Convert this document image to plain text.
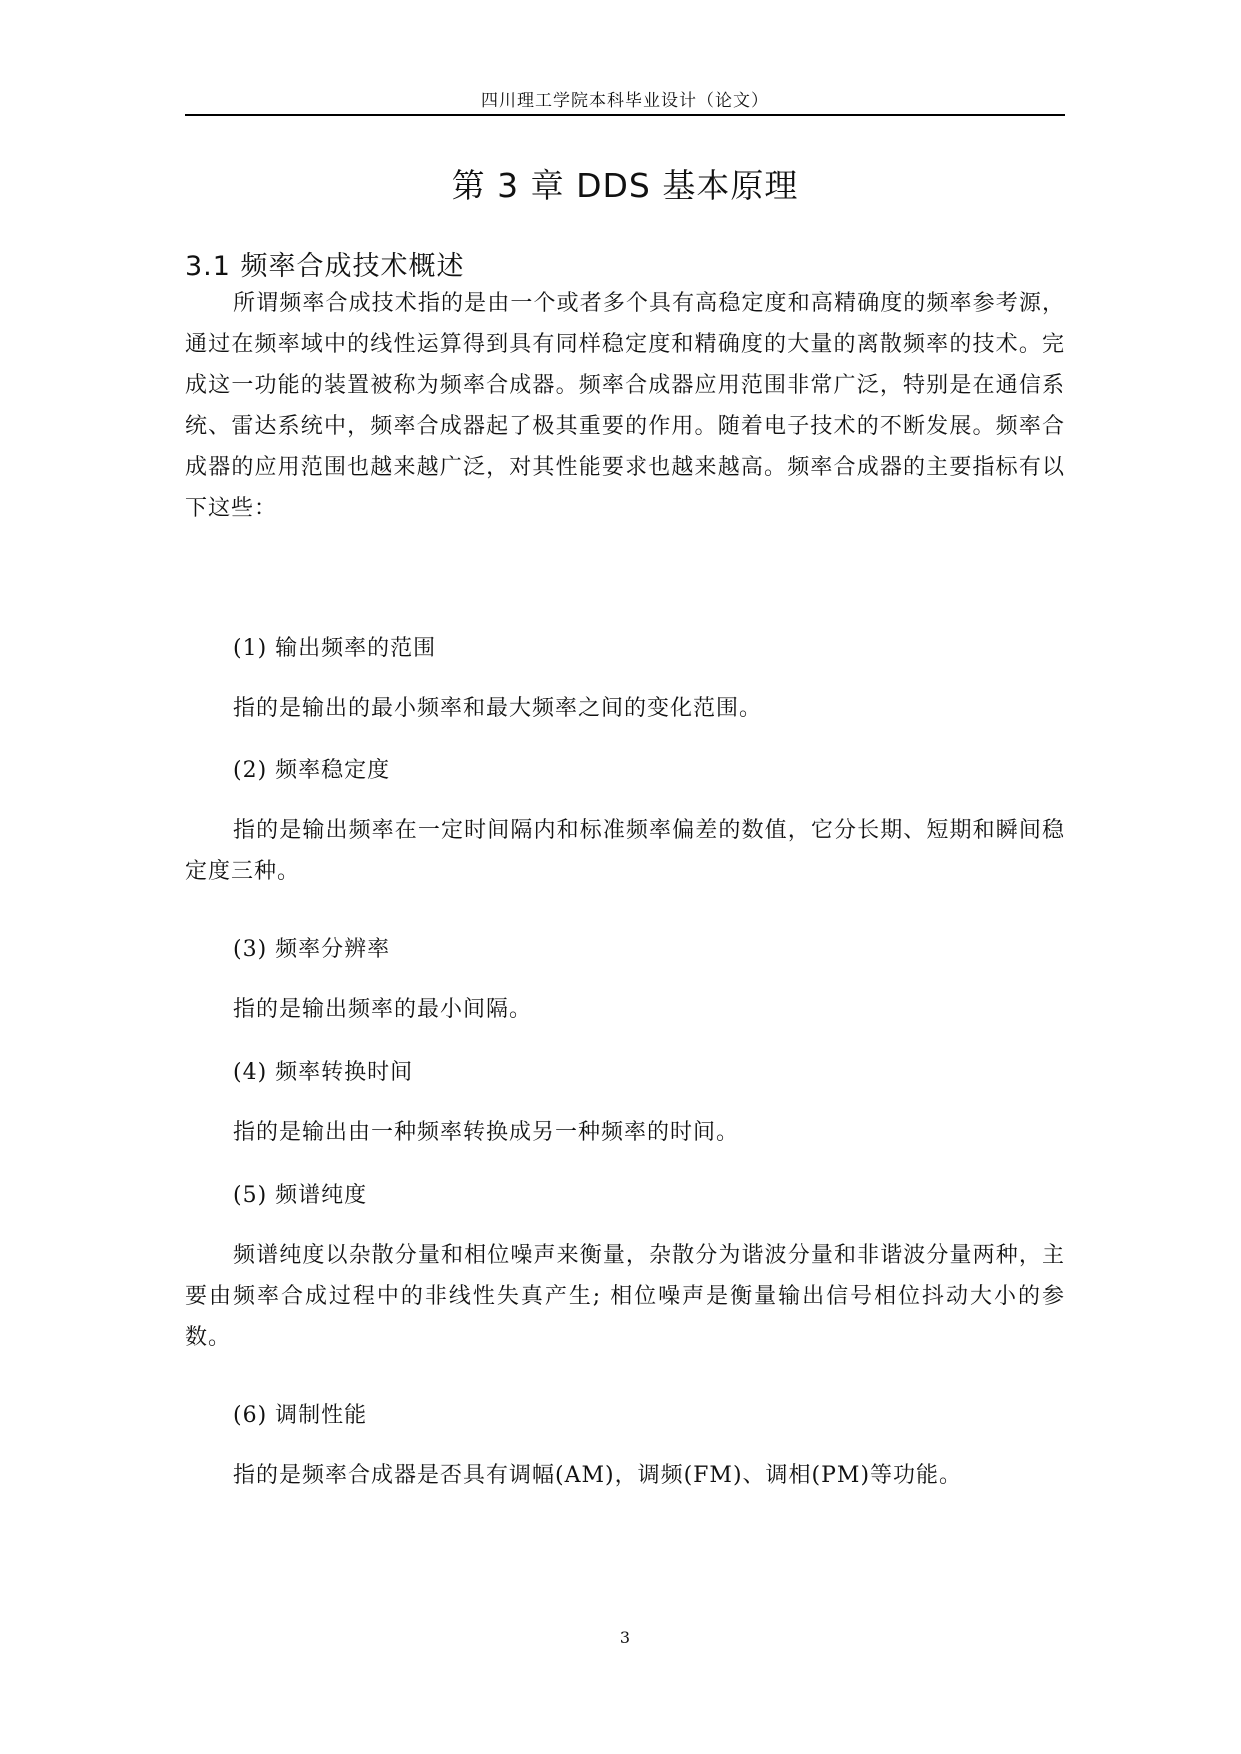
四川理工学院本科毕业设计（论文）
第 3 章 DDS 基本原理
3.1 频率合成技术概述

所谓频率合成技术指的是由一个或者多个具有高稳定度和高精确度的频率参考源，通过在频率域中的线性运算得到具有同样稳定度和精确度的大量的离散频率的技术。完成这一功能的装置被称为频率合成器。频率合成器应用范围非常广泛，特别是在通信系统、雷达系统中，频率合成器起了极其重要的作用。随着电子技术的不断发展。频率合成器的应用范围也越来越广泛，对其性能要求也越来越高。频率合成器的主要指标有以下这些：

(1) 输出频率的范围
指的是输出的最小频率和最大频率之间的变化范围。
(2) 频率稳定度

指的是输出频率在一定时间隔内和标准频率偏差的数值，它分长期、短期和瞬间稳定度三种。

(3) 频率分辨率
指的是输出频率的最小间隔。
(4) 频率转换时间
指的是输出由一种频率转换成另一种频率的时间。
(5) 频谱纯度

频谱纯度以杂散分量和相位噪声来衡量，杂散分为谐波分量和非谐波分量两种，主要由频率合成过程中的非线性失真产生; 相位噪声是衡量输出信号相位抖动大小的参数。

(6) 调制性能
指的是频率合成器是否具有调幅(AM)，调频(FM)、调相(PM)等功能。
3
